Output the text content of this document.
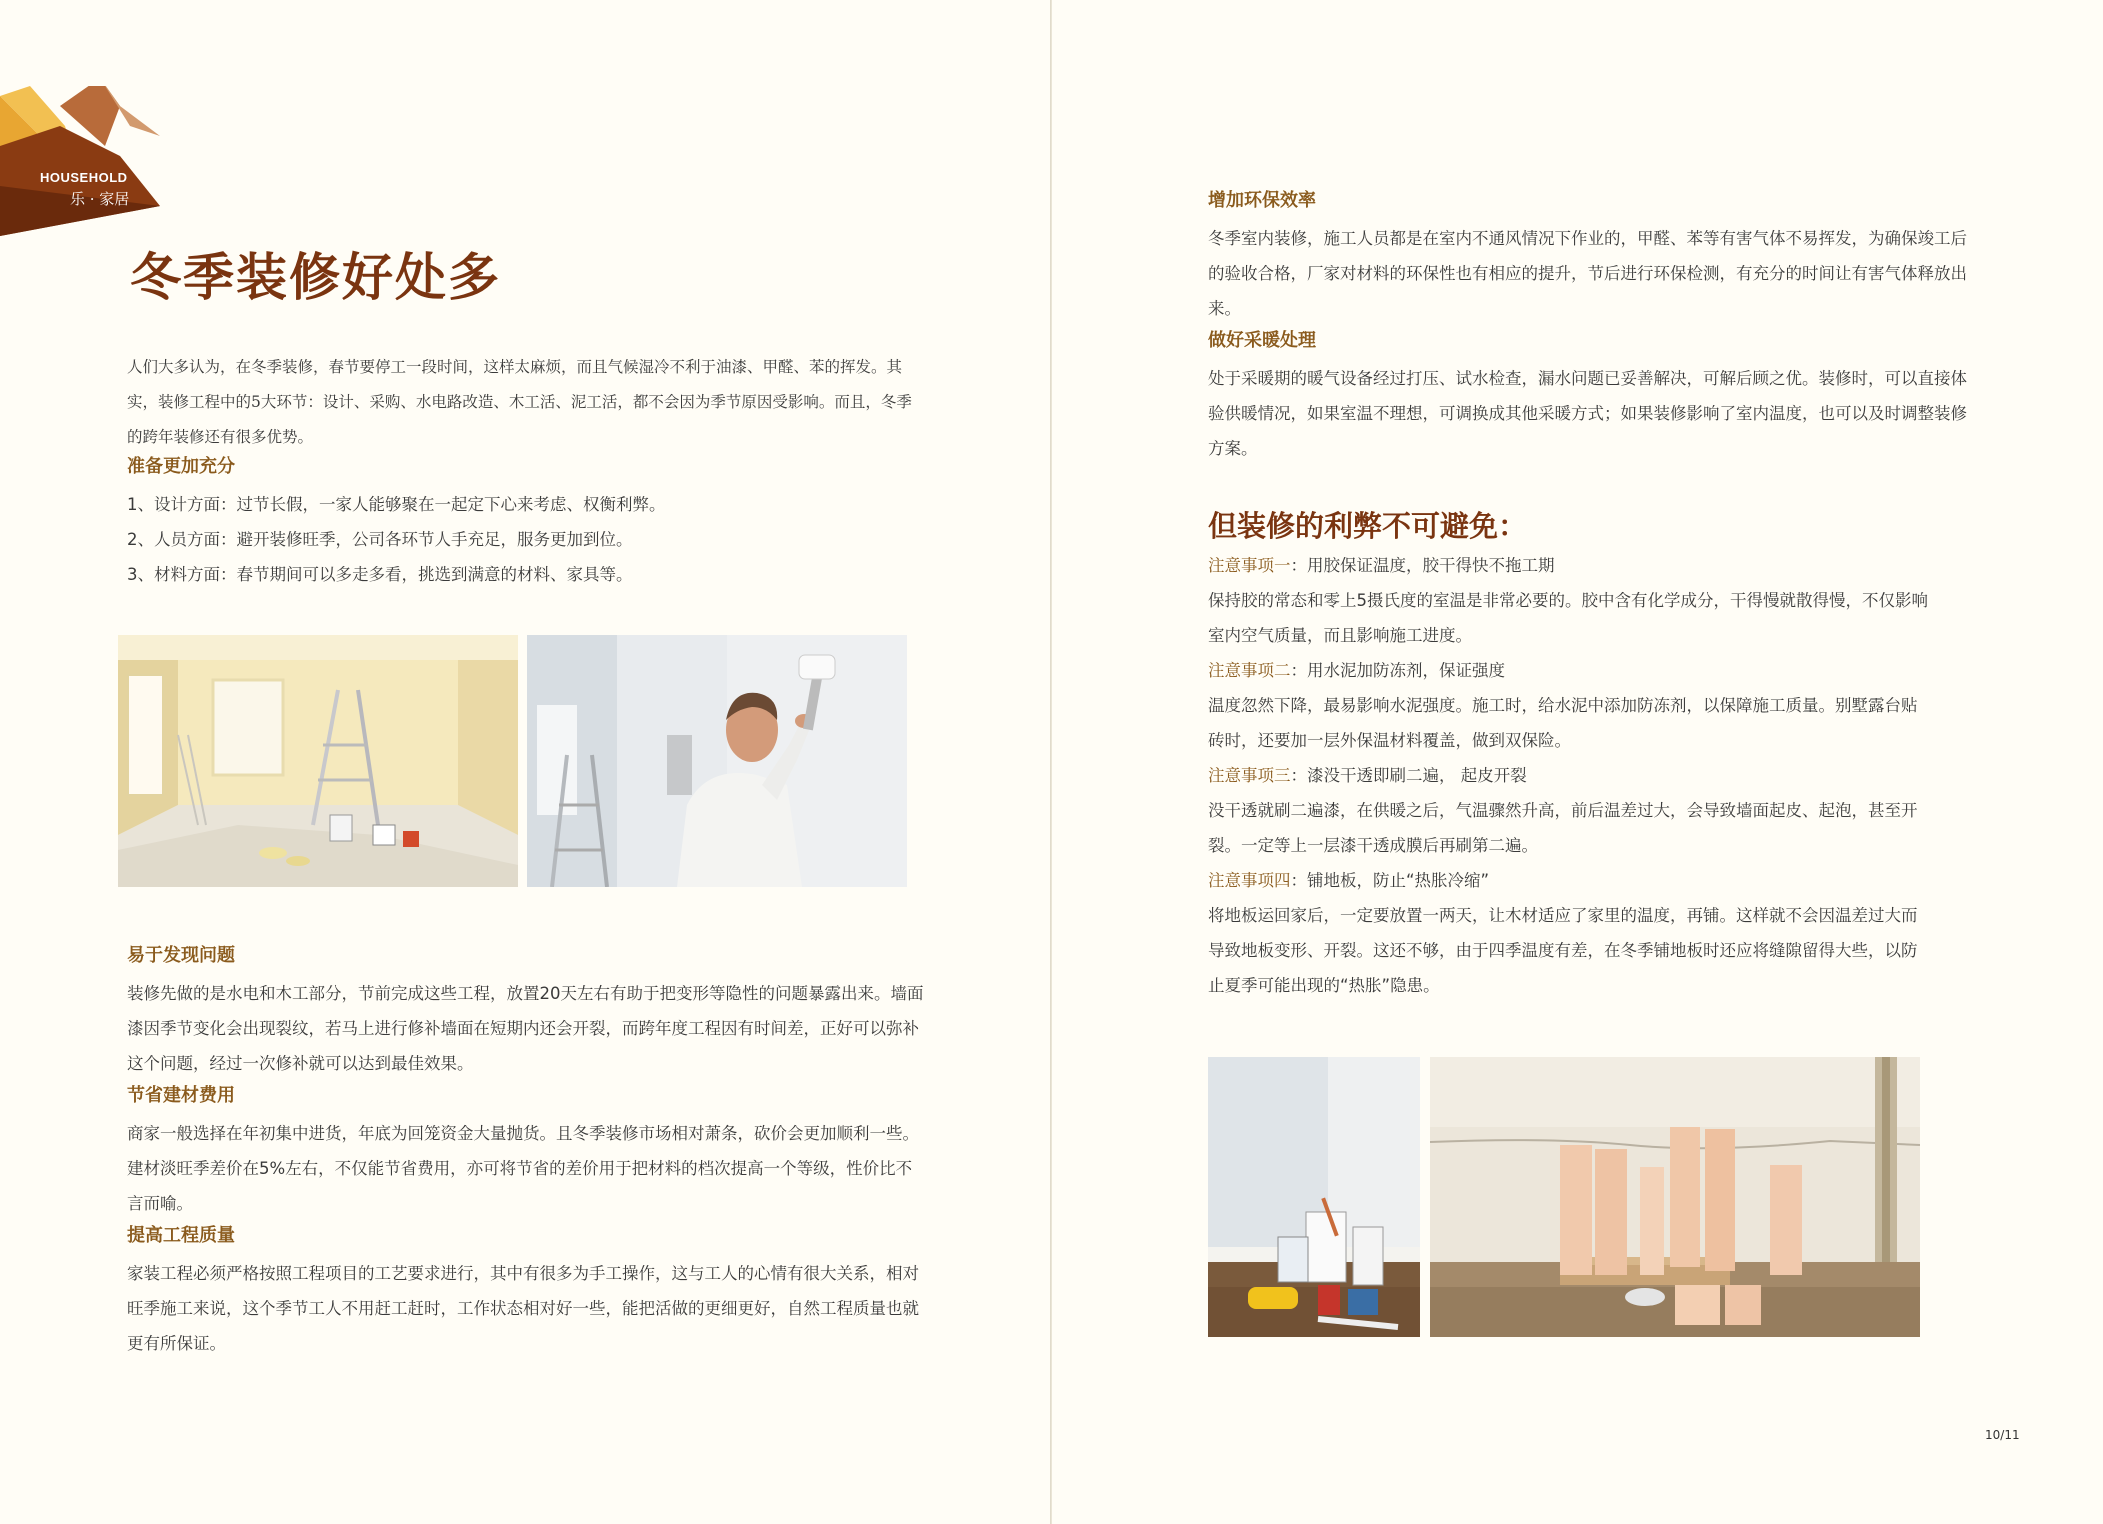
HOUSEHOLD
乐 · 家居
冬季装修好处多

人们大多认为，在冬季装修，春节要停工一段时间，这样太麻烦，而且气候湿冷不利于油漆、甲醛、苯的挥发。其实，装修工程中的5大环节：设计、采购、水电路改造、木工活、泥工活，都不会因为季节原因受影响。而且，冬季的跨年装修还有很多优势。

准备更加充分

1、设计方面：过节长假，一家人能够聚在一起定下心来考虑、权衡利弊。

2、人员方面：避开装修旺季，公司各环节人手充足，服务更加到位。

3、材料方面：春节期间可以多走多看，挑选到满意的材料、家具等。

易于发现问题

装修先做的是水电和木工部分，节前完成这些工程，放置20天左右有助于把变形等隐性的问题暴露出来。墙面漆因季节变化会出现裂纹，若马上进行修补墙面在短期内还会开裂，而跨年度工程因有时间差，正好可以弥补这个问题，经过一次修补就可以达到最佳效果。

节省建材费用

商家一般选择在年初集中进货，年底为回笼资金大量抛货。且冬季装修市场相对萧条，砍价会更加顺利一些。建材淡旺季差价在5%左右，不仅能节省费用，亦可将节省的差价用于把材料的档次提高一个等级，性价比不言而喻。

提高工程质量

家装工程必须严格按照工程项目的工艺要求进行，其中有很多为手工操作，这与工人的心情有很大关系，相对旺季施工来说，这个季节工人不用赶工赶时，工作状态相对好一些，能把活做的更细更好，自然工程质量也就更有所保证。

增加环保效率

冬季室内装修，施工人员都是在室内不通风情况下作业的，甲醛、苯等有害气体不易挥发，为确保竣工后的验收合格，厂家对材料的环保性也有相应的提升，节后进行环保检测，有充分的时间让有害气体释放出来。

做好采暖处理

处于采暖期的暖气设备经过打压、试水检查，漏水问题已妥善解决，可解后顾之优。装修时，可以直接体验供暖情况，如果室温不理想，可调换成其他采暖方式；如果装修影响了室内温度，也可以及时调整装修方案。

但装修的利弊不可避免：

注意事项一：用胶保证温度，胶干得快不拖工期

保持胶的常态和零上5摄氏度的室温是非常必要的。胶中含有化学成分，干得慢就散得慢，不仅影响室内空气质量，而且影响施工进度。

注意事项二：用水泥加防冻剂，保证强度

温度忽然下降，最易影响水泥强度。施工时，给水泥中添加防冻剂，以保障施工质量。别墅露台贴砖时，还要加一层外保温材料覆盖，做到双保险。

注意事项三：漆没干透即刷二遍， 起皮开裂

没干透就刷二遍漆，在供暖之后，气温骤然升高，前后温差过大，会导致墙面起皮、起泡，甚至开裂。一定等上一层漆干透成膜后再刷第二遍。

注意事项四：铺地板，防止“热胀冷缩”

将地板运回家后，一定要放置一两天，让木材适应了家里的温度，再铺。这样就不会因温差过大而导致地板变形、开裂。这还不够，由于四季温度有差，在冬季铺地板时还应将缝隙留得大些，以防止夏季可能出现的“热胀”隐患。

10/11
